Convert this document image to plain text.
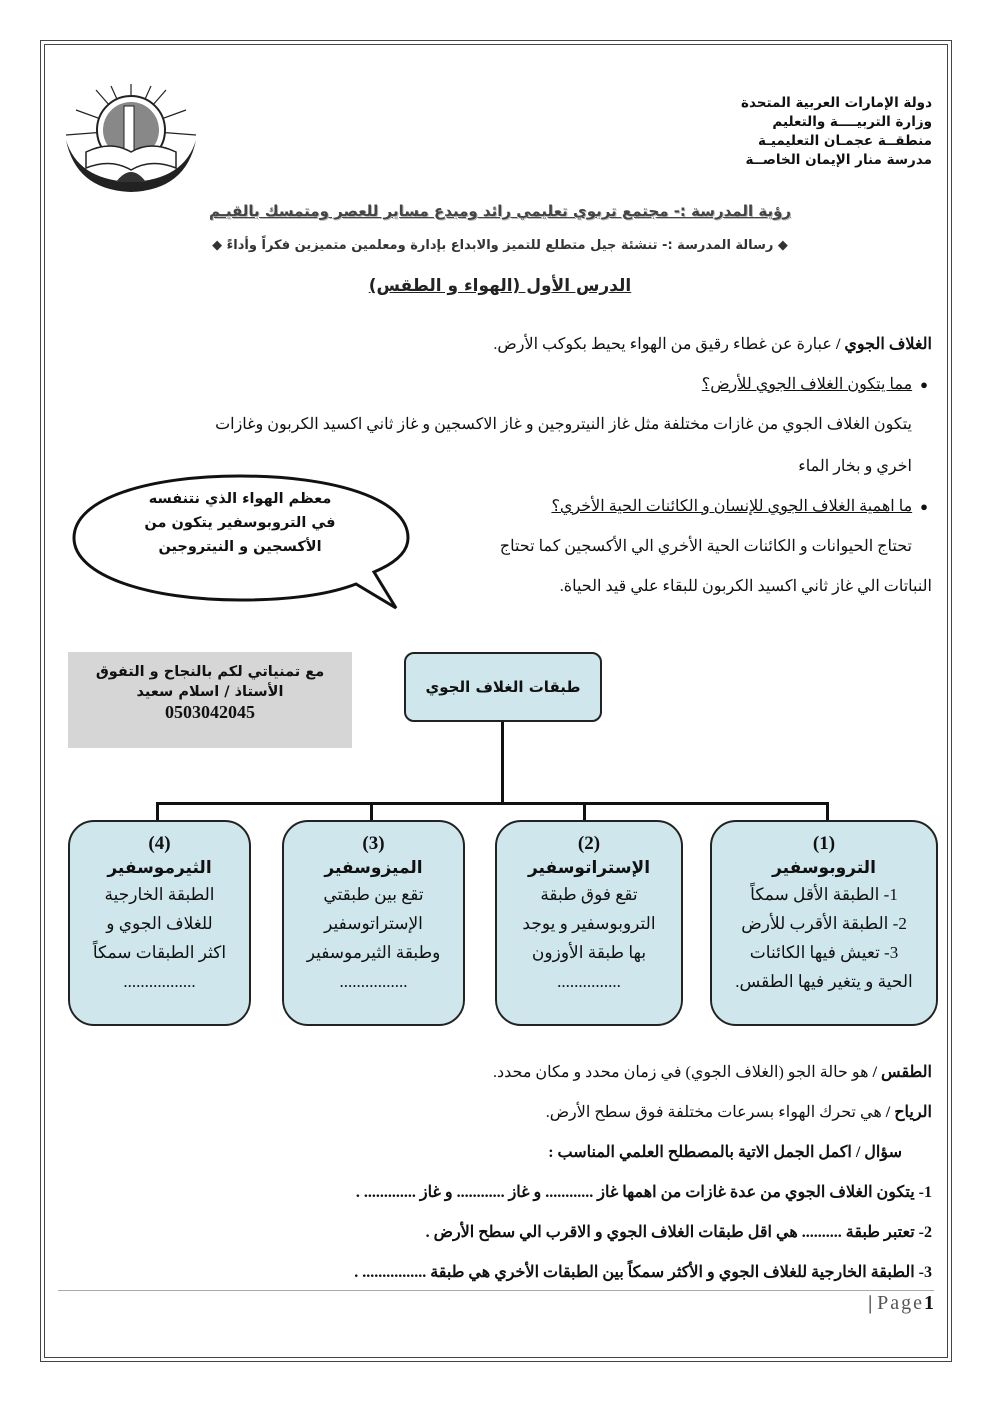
دولة الإمارات العربية المتحدة
وزارة التربيــــة والتعليم
منطقــة عجمـان التعليميـة
مدرسة منار الإيمان الخاصــة
رؤية المدرسة :- مجتمع تربوي تعليمي رائد ومبدع مساير للعصر ومتمسك بالقيـم
◆ رسالة المدرسة :- تنشئة جيل متطلع للتميز والابداع بإدارة ومعلمين متميزين فكراً وأداءً ◆
الدرس الأول (الهواء و الطقس)
الغلاف الجوي / عبارة عن غطاء رقيق من الهواء يحيط بكوكب الأرض.
●  مما يتكون الغلاف الجوي للأرض؟
يتكون الغلاف الجوي من غازات مختلفة مثل غاز النيتروجين و غاز الاكسجين و غاز ثاني اكسيد الكربون وغازات
اخري و بخار الماء
●  ما اهمية الغلاف الجوي للإنسان و الكائنات الحية الأخري؟
تحتاج الحيوانات و الكائنات الحية الأخري الي الأكسجين كما تحتاج
النباتات الي غاز ثاني اكسيد الكربون للبقاء علي قيد الحياة.
معظم الهواء الذي نتنفسه
في التروبوسفير يتكون من
الأكسجين و النيتروجين
مع تمنياتي لكم بالنجاح و التفوق
الأستاذ / اسلام سعيد
0503042045
طبقات الغلاف الجوي
(1)
التروبوسفير
1- الطبقة الأقل سمكاً
2- الطبقة الأقرب للأرض
3- تعيش فيها الكائنات
الحية و يتغير فيها الطقس.
(2)
الإستراتوسفير
تقع فوق طبقة
التروبوسفير و يوجد
بها طبقة الأوزون
...............
(3)
الميزوسفير
تقع بين طبقتي
الإستراتوسفير
وطبقة الثيرموسفير
................
(4)
الثيرموسفير
الطبقة الخارجية
للغلاف الجوي و
اكثر الطبقات سمكاً
.................
الطقس / هو حالة الجو (الغلاف الجوي) في زمان محدد و مكان محدد.
الرياح / هي تحرك الهواء بسرعات مختلفة فوق سطح الأرض.
سؤال / اكمل الجمل الاتية بالمصطلح العلمي المناسب :
1- يتكون الغلاف الجوي من عدة غازات من اهمها غاز ............ و غاز ............ و غاز ............. .
2- تعتبر طبقة .......... هي اقل طبقات الغلاف الجوي و الاقرب الي سطح الأرض .
3- الطبقة الخارجية للغلاف الجوي و الأكثر سمكاً بين الطبقات الأخري هي طبقة ................ .
| Page1
